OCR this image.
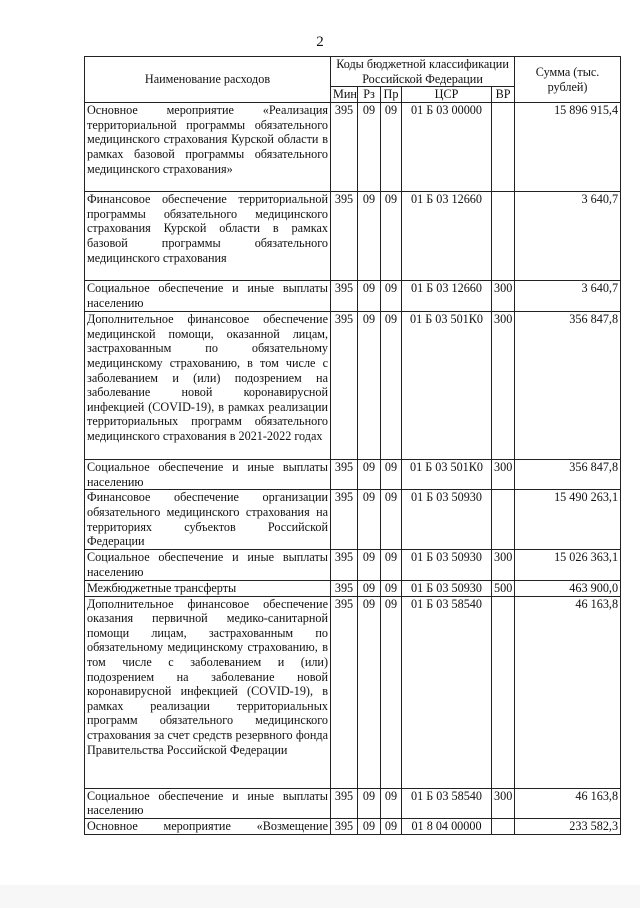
2
Наименование расходов	Коды бюджетной классификации Российской Федерации					Сумма (тыс. рублей)
	Мин	Рз	Пр	ЦСР	ВР	
Основное мероприятие «Реализация территориальной программы обязательного медицинского страхования Курской области в рамках базовой программы обязательного медицинского страхования»	395	09	09	01 Б 03 00000		15 896 915,4
Финансовое обеспечение территориальной программы обязательного медицинского страхования Курской области в рамках базовой программы обязательного медицинского страхования	395	09	09	01 Б 03 12660		3 640,7
Социальное обеспечение и иные выплаты населению	395	09	09	01 Б 03 12660	300	3 640,7
Дополнительное финансовое обеспечение медицинской помощи, оказанной лицам, застрахованным по обязательному медицинскому страхованию, в том числе с заболеванием и (или) подозрением на заболевание новой коронавирусной инфекцией (COVID-19), в рамках реализации территориальных программ обязательного медицинского страхования в 2021-2022 годах	395	09	09	01 Б 03 501К0	300	356 847,8
Социальное обеспечение и иные выплаты населению	395	09	09	01 Б 03 501К0	300	356 847,8
Финансовое обеспечение организации обязательного медицинского страхования на территориях субъектов Российской Федерации	395	09	09	01 Б 03 50930		15 490 263,1
Социальное обеспечение и иные выплаты населению	395	09	09	01 Б 03 50930	300	15 026 363,1
Межбюджетные трансферты	395	09	09	01 Б 03 50930	500	463 900,0
Дополнительное финансовое обеспечение оказания первичной медико-санитарной помощи лицам, застрахованным по обязательному медицинскому страхованию, в том числе с заболеванием и (или) подозрением на заболевание новой коронавирусной инфекцией (COVID-19), в рамках реализации территориальных программ обязательного медицинского страхования за счет средств резервного фонда Правительства Российской Федерации	395	09	09	01 Б 03 58540		46 163,8
Социальное обеспечение и иные выплаты населению	395	09	09	01 Б 03 58540	300	46 163,8
Основное мероприятие «Возмещение	395	09	09	01 8 04 00000		233 582,3
